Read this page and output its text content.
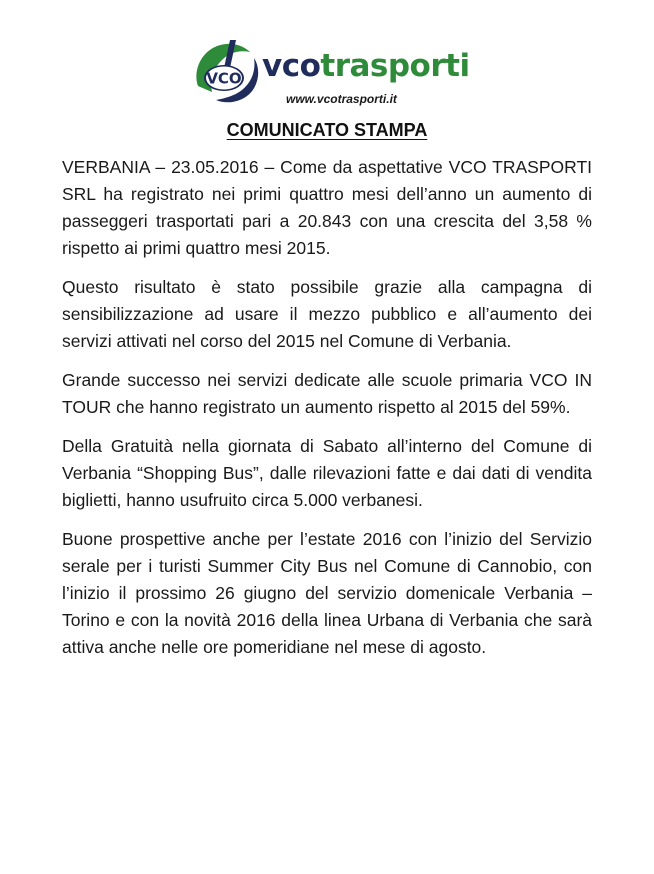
VCO vcotrasporti
www.vcotrasporti.it
COMUNICATO STAMPA

VERBANIA – 23.05.2016 – Come da aspettative VCO TRASPORTI SRL ha registrato nei primi quattro mesi dell’anno un aumento di passeggeri trasportati pari a 20.843 con una crescita del 3,58 % rispetto ai primi quattro mesi 2015.

Questo risultato è stato possibile grazie alla campagna di sensibilizzazione ad usare il mezzo pubblico e all’aumento dei servizi attivati nel corso del 2015 nel Comune di Verbania.

Grande successo nei servizi dedicate alle scuole primaria VCO IN TOUR che hanno registrato un aumento rispetto al 2015 del 59%.

Della Gratuità nella giornata di Sabato all’interno del Comune di Verbania “Shopping Bus”, dalle rilevazioni fatte e dai dati di vendita biglietti, hanno usufruito circa 5.000 verbanesi.

Buone prospettive anche per l’estate 2016 con l’inizio del Servizio serale per i turisti Summer City Bus nel Comune di Cannobio, con l’inizio il prossimo 26 giugno del servizio domenicale Verbania – Torino e con la novità 2016 della linea Urbana di Verbania che sarà attiva anche nelle ore pomeridiane nel mese di agosto.
